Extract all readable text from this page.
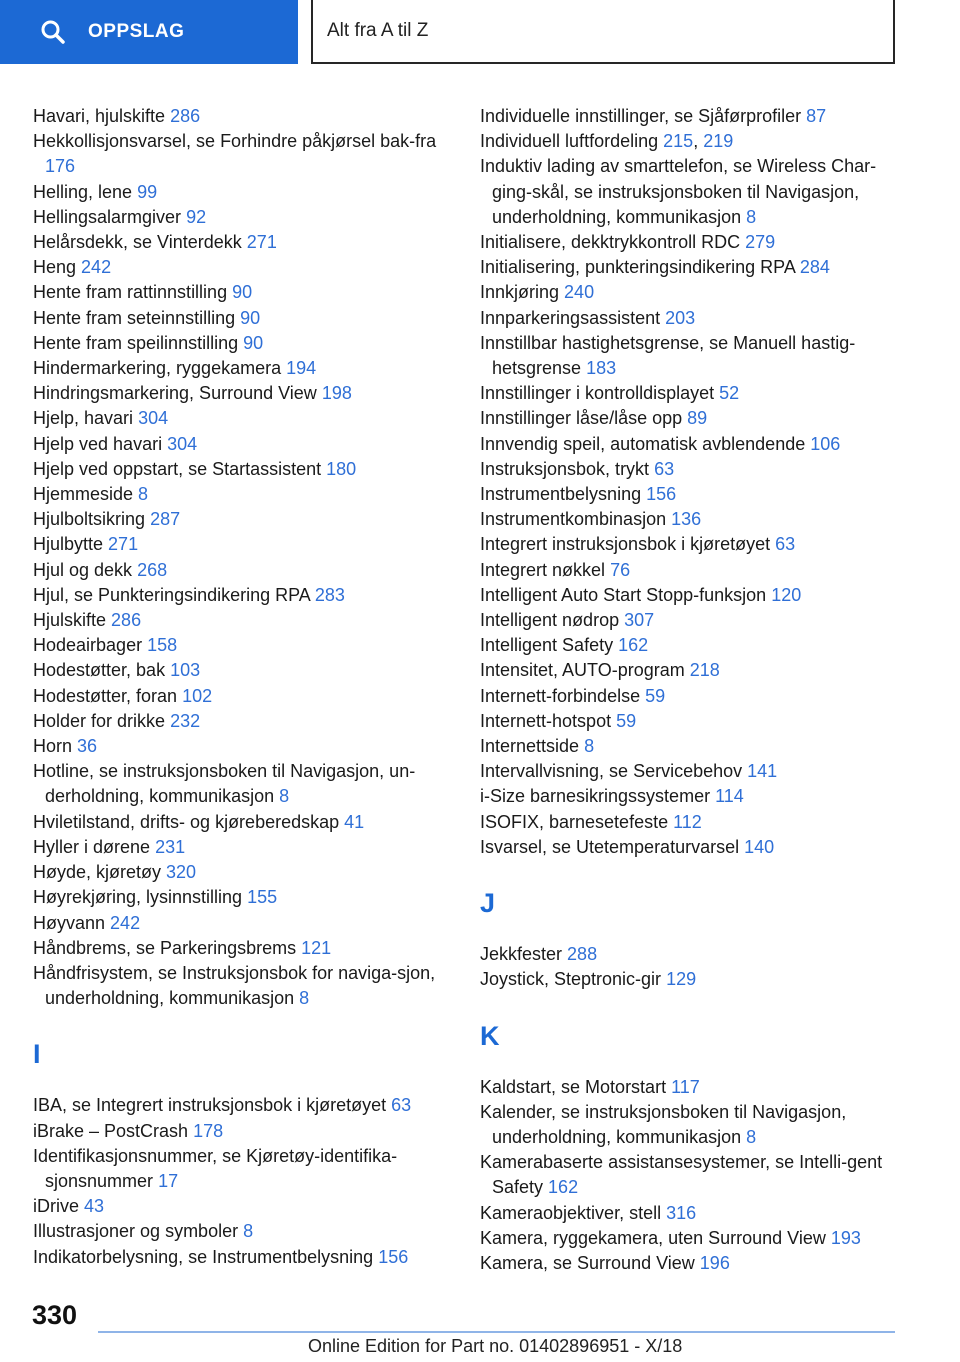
OPPSLAG	Alt fra A til Z

Havari, hjulskifte 286

Hekkollisjonsvarsel, se Forhindre påkjørsel bak-fra 176

Helling, lene 99

Hellingsalarmgiver 92

Helårsdekk, se Vinterdekk 271

Heng 242

Hente fram rattinnstilling 90

Hente fram seteinnstilling 90

Hente fram speilinnstilling 90

Hindermarkering, ryggekamera 194

Hindringsmarkering, Surround View 198

Hjelp, havari 304

Hjelp ved havari 304

Hjelp ved oppstart, se Startassistent 180

Hjemmeside 8

Hjulboltsikring 287

Hjulbytte 271

Hjul og dekk 268

Hjul, se Punkteringsindikering RPA 283

Hjulskifte 286

Hodeairbager 158

Hodestøtter, bak 103

Hodestøtter, foran 102

Holder for drikke 232

Horn 36

Hotline, se instruksjonsboken til Navigasjon, un-derholdning, kommunikasjon 8

Hviletilstand, drifts- og kjøreberedskap 41

Hyller i dørene 231

Høyde, kjøretøy 320

Høyrekjøring, lysinnstilling 155

Høyvann 242

Håndbrems, se Parkeringsbrems 121

Håndfrisystem, se Instruksjonsbok for naviga-sjon, underholdning, kommunikasjon 8

I

IBA, se Integrert instruksjonsbok i kjøretøyet 63

iBrake – PostCrash 178

Identifikasjonsnummer, se Kjøretøy-identifika-sjonsnummer 17

iDrive 43

Illustrasjoner og symboler 8

Indikatorbelysning, se Instrumentbelysning 156

Individuelle innstillinger, se Sjåførprofiler 87

Individuell luftfordeling 215, 219

Induktiv lading av smarttelefon, se Wireless Char-ging-skål, se instruksjonsboken til Navigasjon, underholdning, kommunikasjon 8

Initialisere, dekktrykkontroll RDC 279

Initialisering, punkteringsindikering RPA 284

Innkjøring 240

Innparkeringsassistent 203

Innstillbar hastighetsgrense, se Manuell hastig-hetsgrense 183

Innstillinger i kontrolldisplayet 52

Innstillinger låse/låse opp 89

Innvendig speil, automatisk avblendende 106

Instruksjonsbok, trykt 63

Instrumentbelysning 156

Instrumentkombinasjon 136

Integrert instruksjonsbok i kjøretøyet 63

Integrert nøkkel 76

Intelligent Auto Start Stopp-funksjon 120

Intelligent nødrop 307

Intelligent Safety 162

Intensitet, AUTO-program 218

Internett-forbindelse 59

Internett-hotspot 59

Internettside 8

Intervallvisning, se Servicebehov 141

i-Size barnesikringssystemer 114

ISOFIX, barnesetefeste 112

Isvarsel, se Utetemperaturvarsel 140

J

Jekkfester 288

Joystick, Steptronic-gir 129

K

Kaldstart, se Motorstart 117

Kalender, se instruksjonsboken til Navigasjon, underholdning, kommunikasjon 8

Kamerabaserte assistansesystemer, se Intelli-gent Safety 162

Kameraobjektiver, stell 316

Kamera, ryggekamera, uten Surround View 193

Kamera, se Surround View 196

330
Online Edition for Part no. 01402896951 - X/18
